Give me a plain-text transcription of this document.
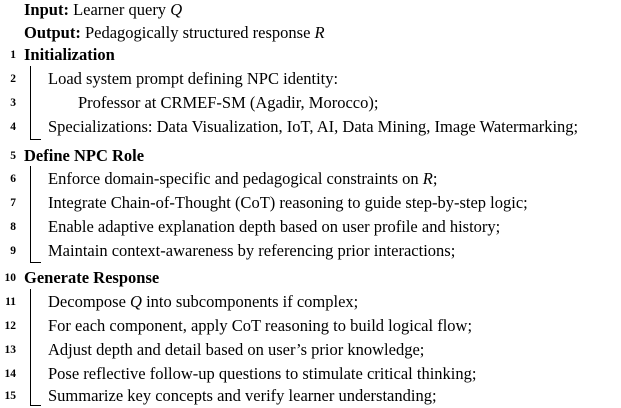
Input: Learner query Q
Output: Pedagogically structured response R
1 Initialization
2 Load system prompt defining NPC identity:
3	Professor at CRMEF-SM (Agadir, Morocco);
4 Specializations: Data Visualization, IoT, AI, Data Mining, Image Watermarking;
5 Define NPC Role
6 Enforce domain-specific and pedagogical constraints on R;
7 Integrate Chain-of-Thought (CoT) reasoning to guide step-by-step logic;
8 Enable adaptive explanation depth based on user profile and history;
9 Maintain context-awareness by referencing prior interactions;
10 Generate Response
11 Decompose Q into subcomponents if complex;
12 For each component, apply CoT reasoning to build logical flow;
13 Adjust depth and detail based on user’s prior knowledge;
14 Pose reflective follow-up questions to stimulate critical thinking;
15 Summarize key concepts and verify learner understanding;
